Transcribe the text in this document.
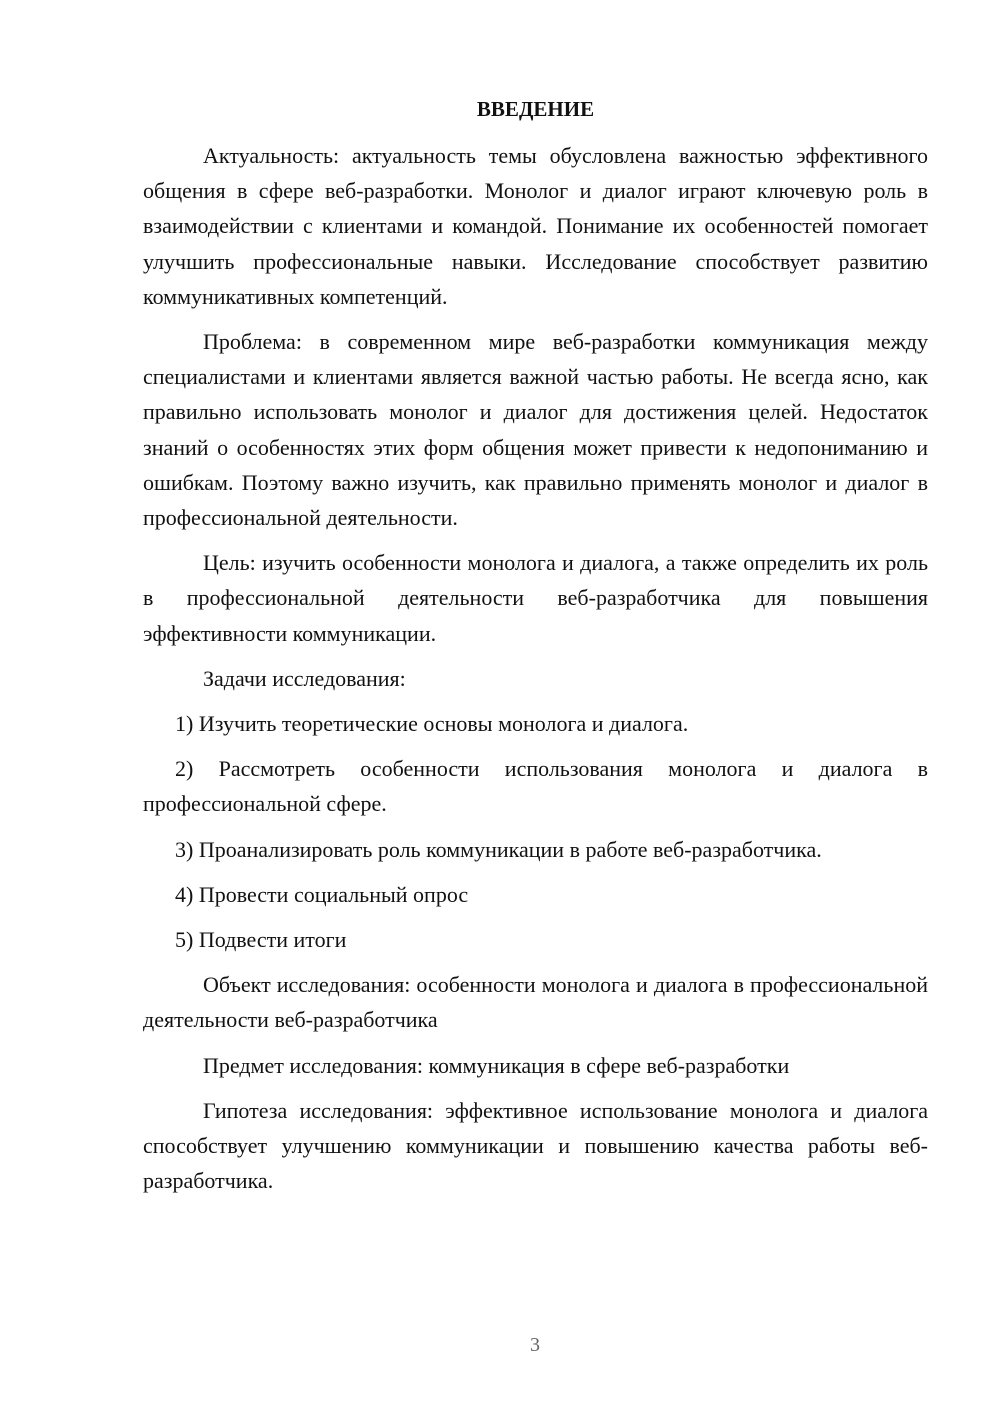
ВВЕДЕНИЕ

Актуальность: актуальность темы обусловлена важностью эффективного общения в сфере веб-разработки. Монолог и диалог играют ключевую роль в взаимодействии с клиентами и командой. Понимание их особенностей помогает улучшить профессиональные навыки. Исследование способствует развитию коммуникативных компетенций.

Проблема: в современном мире веб-разработки коммуникация между специалистами и клиентами является важной частью работы. Не всегда ясно, как правильно использовать монолог и диалог для достижения целей. Недостаток знаний о особенностях этих форм общения может привести к недопониманию и ошибкам. Поэтому важно изучить, как правильно применять монолог и диалог в профессиональной деятельности.

Цель: изучить особенности монолога и диалога, а также определить их роль в профессиональной деятельности веб-разработчика для повышения эффективности коммуникации.

Задачи исследования:

1) Изучить теоретические основы монолога и диалога.

2) Рассмотреть особенности использования монолога и диалога в профессиональной сфере.

3) Проанализировать роль коммуникации в работе веб-разработчика.

4) Провести социальный опрос

5) Подвести итоги

Объект исследования: особенности монолога и диалога в профессиональной деятельности веб-разработчика

Предмет исследования: коммуникация в сфере веб-разработки

Гипотеза исследования: эффективное использование монолога и диалога способствует улучшению коммуникации и повышению качества работы веб-разработчика.

3
